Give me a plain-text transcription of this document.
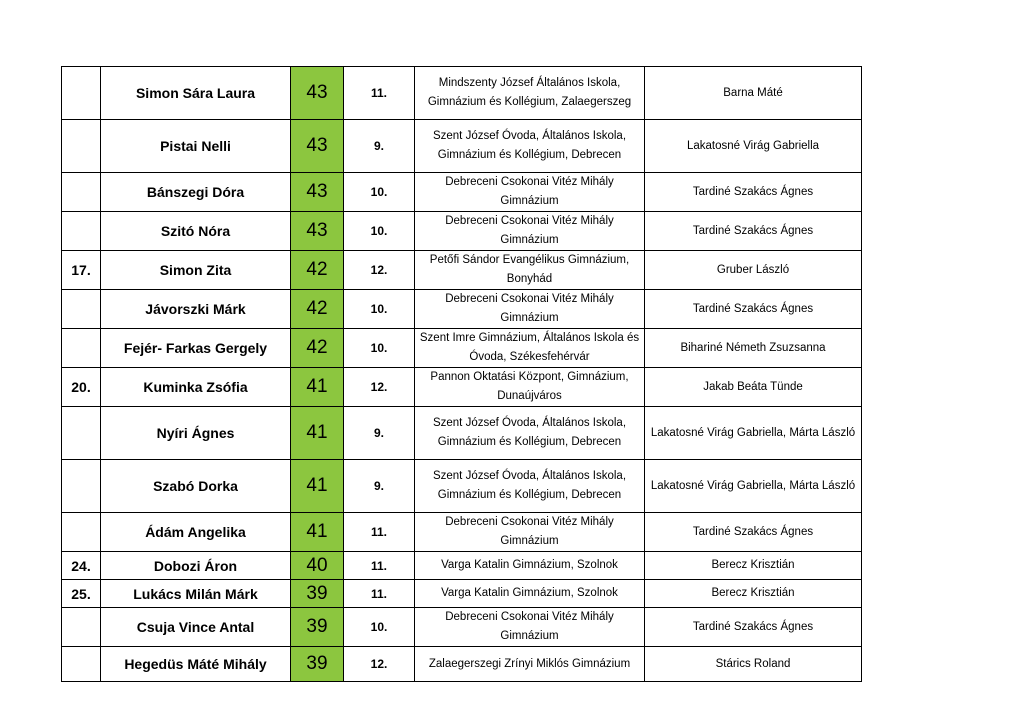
	Simon Sára Laura	43	11.	Mindszenty József Általános Iskola, Gimnázium és Kollégium, Zalaegerszeg	Barna Máté
	Pistai Nelli	43	9.	Szent József Óvoda, Általános Iskola, Gimnázium és Kollégium, Debrecen	Lakatosné Virág Gabriella
	Bánszegi Dóra	43	10.	Debreceni Csokonai Vitéz Mihály Gimnázium	Tardiné Szakács Ágnes
	Szitó Nóra	43	10.	Debreceni Csokonai Vitéz Mihály Gimnázium	Tardiné Szakács Ágnes
17.	Simon Zita	42	12.	Petőfi Sándor Evangélikus Gimnázium, Bonyhád	Gruber László
	Jávorszki Márk	42	10.	Debreceni Csokonai Vitéz Mihály Gimnázium	Tardiné Szakács Ágnes
	Fejér- Farkas Gergely	42	10.	Szent Imre Gimnázium, Általános Iskola és Óvoda, Székesfehérvár	Bihariné Németh Zsuzsanna
20.	Kuminka Zsófia	41	12.	Pannon Oktatási Központ, Gimnázium, Dunaújváros	Jakab Beáta Tünde
	Nyíri Ágnes	41	9.	Szent József Óvoda, Általános Iskola, Gimnázium és Kollégium, Debrecen	Lakatosné Virág Gabriella, Márta László
	Szabó Dorka	41	9.	Szent József Óvoda, Általános Iskola, Gimnázium és Kollégium, Debrecen	Lakatosné Virág Gabriella, Márta László
	Ádám Angelika	41	11.	Debreceni Csokonai Vitéz Mihály Gimnázium	Tardiné Szakács Ágnes
24.	Dobozi Áron	40	11.	Varga Katalin Gimnázium, Szolnok	Berecz Krisztián
25.	Lukács Milán Márk	39	11.	Varga Katalin Gimnázium, Szolnok	Berecz Krisztián
	Csuja Vince Antal	39	10.	Debreceni Csokonai Vitéz Mihály Gimnázium	Tardiné Szakács Ágnes
	Hegedüs Máté Mihály	39	12.	Zalaegerszegi Zrínyi Miklós Gimnázium	Stárics Roland
